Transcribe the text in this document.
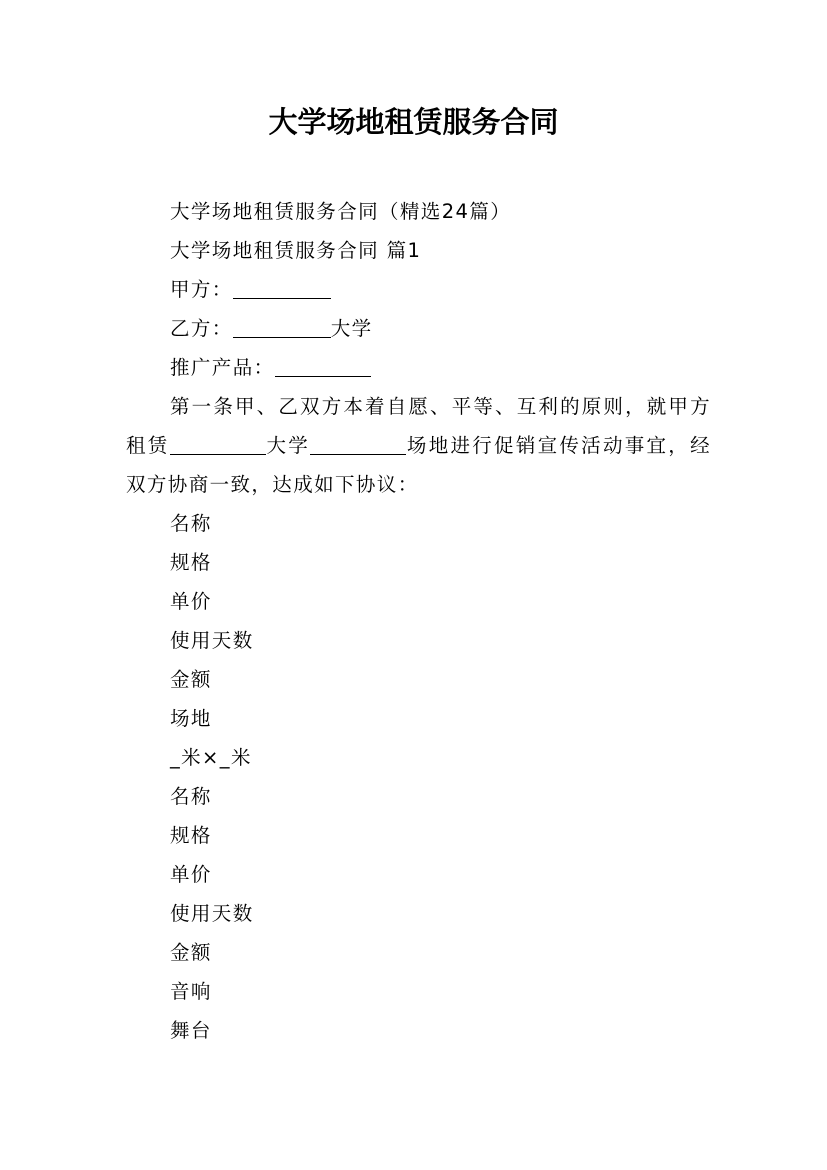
大学场地租赁服务合同

大学场地租赁服务合同（精选24篇）

大学场地租赁服务合同 篇1

甲方：

乙方：	大学

推广产品：

第一条甲、乙双方本着自愿、平等、互利的原则，就甲方租赁	大学	场地进行促销宣传活动事宜，经双方协商一致，达成如下协议：

名称

规格

单价

使用天数

金额

场地

_米×_米

名称

规格

单价

使用天数

金额

音响

舞台
